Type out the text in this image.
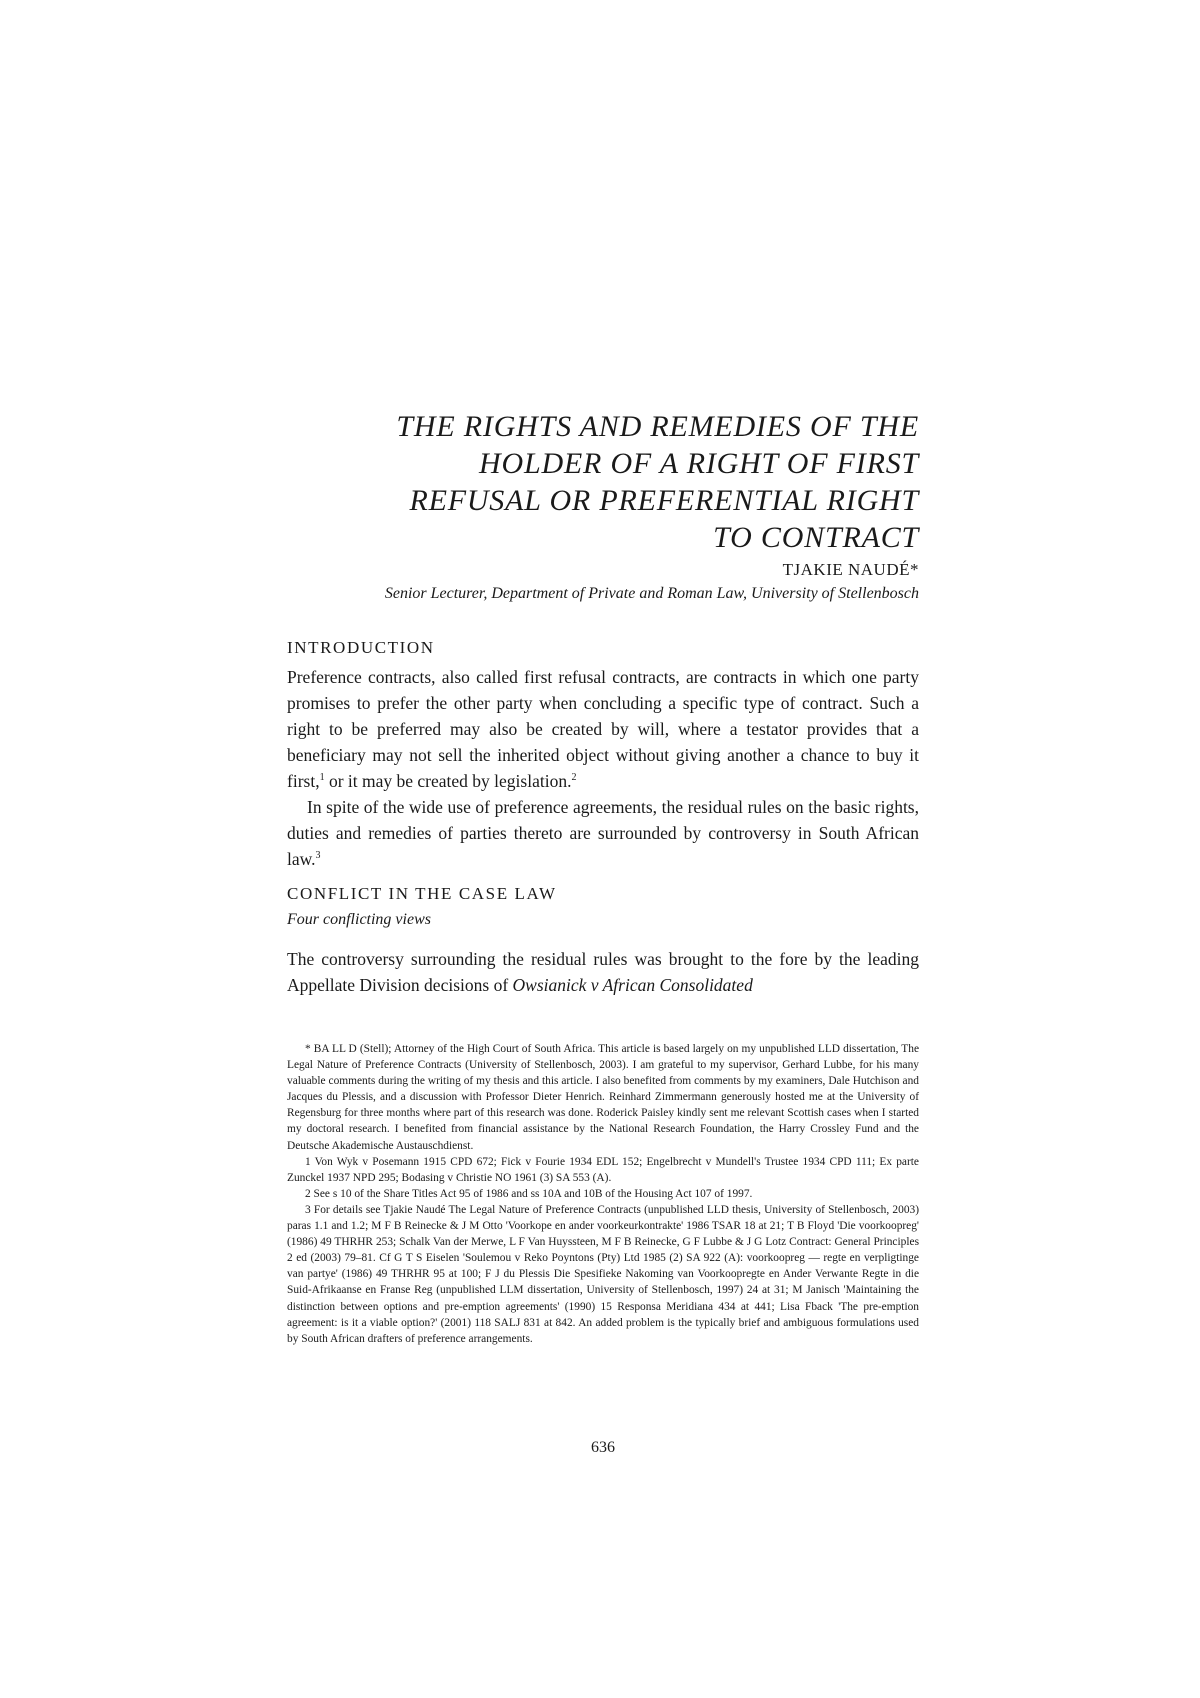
THE RIGHTS AND REMEDIES OF THE
HOLDER OF A RIGHT OF FIRST
REFUSAL OR PREFERENTIAL RIGHT
TO CONTRACT
TJAKIE NAUDÉ*
Senior Lecturer, Department of Private and Roman Law, University of Stellenbosch
INTRODUCTION

Preference contracts, also called first refusal contracts, are contracts in which one party promises to prefer the other party when concluding a specific type of contract. Such a right to be preferred may also be created by will, where a testator provides that a beneficiary may not sell the inherited object without giving another a chance to buy it first,$^1$ or it may be created by legislation.$^2$

In spite of the wide use of preference agreements, the residual rules on the basic rights, duties and remedies of parties thereto are surrounded by controversy in South African law.$^3$

CONFLICT IN THE CASE LAW
Four conflicting views

The controversy surrounding the residual rules was brought to the fore by the leading Appellate Division decisions of Owsianick v African Consolidated

* BA LL D (Stell); Attorney of the High Court of South Africa. This article is based largely on my unpublished LLD dissertation, The Legal Nature of Preference Contracts (University of Stellenbosch, 2003). I am grateful to my supervisor, Gerhard Lubbe, for his many valuable comments during the writing of my thesis and this article. I also benefited from comments by my examiners, Dale Hutchison and Jacques du Plessis, and a discussion with Professor Dieter Henrich. Reinhard Zimmermann generously hosted me at the University of Regensburg for three months where part of this research was done. Roderick Paisley kindly sent me relevant Scottish cases when I started my doctoral research. I benefited from financial assistance by the National Research Foundation, the Harry Crossley Fund and the Deutsche Akademische Austauschdienst.

1 Von Wyk v Posemann 1915 CPD 672; Fick v Fourie 1934 EDL 152; Engelbrecht v Mundell's Trustee 1934 CPD 111; Ex parte Zunckel 1937 NPD 295; Bodasing v Christie NO 1961 (3) SA 553 (A).

2 See s 10 of the Share Titles Act 95 of 1986 and ss 10A and 10B of the Housing Act 107 of 1997.

3 For details see Tjakie Naudé The Legal Nature of Preference Contracts (unpublished LLD thesis, University of Stellenbosch, 2003) paras 1.1 and 1.2; M F B Reinecke & J M Otto 'Voorkope en ander voorkeurkontrakte' 1986 TSAR 18 at 21; T B Floyd 'Die voorkoopreg' (1986) 49 THRHR 253; Schalk Van der Merwe, L F Van Huyssteen, M F B Reinecke, G F Lubbe & J G Lotz Contract: General Principles 2 ed (2003) 79–81. Cf G T S Eiselen 'Soulemou v Reko Poyntons (Pty) Ltd 1985 (2) SA 922 (A): voorkoopreg — regte en verpligtinge van partye' (1986) 49 THRHR 95 at 100; F J du Plessis Die Spesifieke Nakoming van Voorkoopregte en Ander Verwante Regte in die Suid-Afrikaanse en Franse Reg (unpublished LLM dissertation, University of Stellenbosch, 1997) 24 at 31; M Janisch 'Maintaining the distinction between options and pre-emption agreements' (1990) 15 Responsa Meridiana 434 at 441; Lisa Fback 'The pre-emption agreement: is it a viable option?' (2001) 118 SALJ 831 at 842. An added problem is the typically brief and ambiguous formulations used by South African drafters of preference arrangements.

636
